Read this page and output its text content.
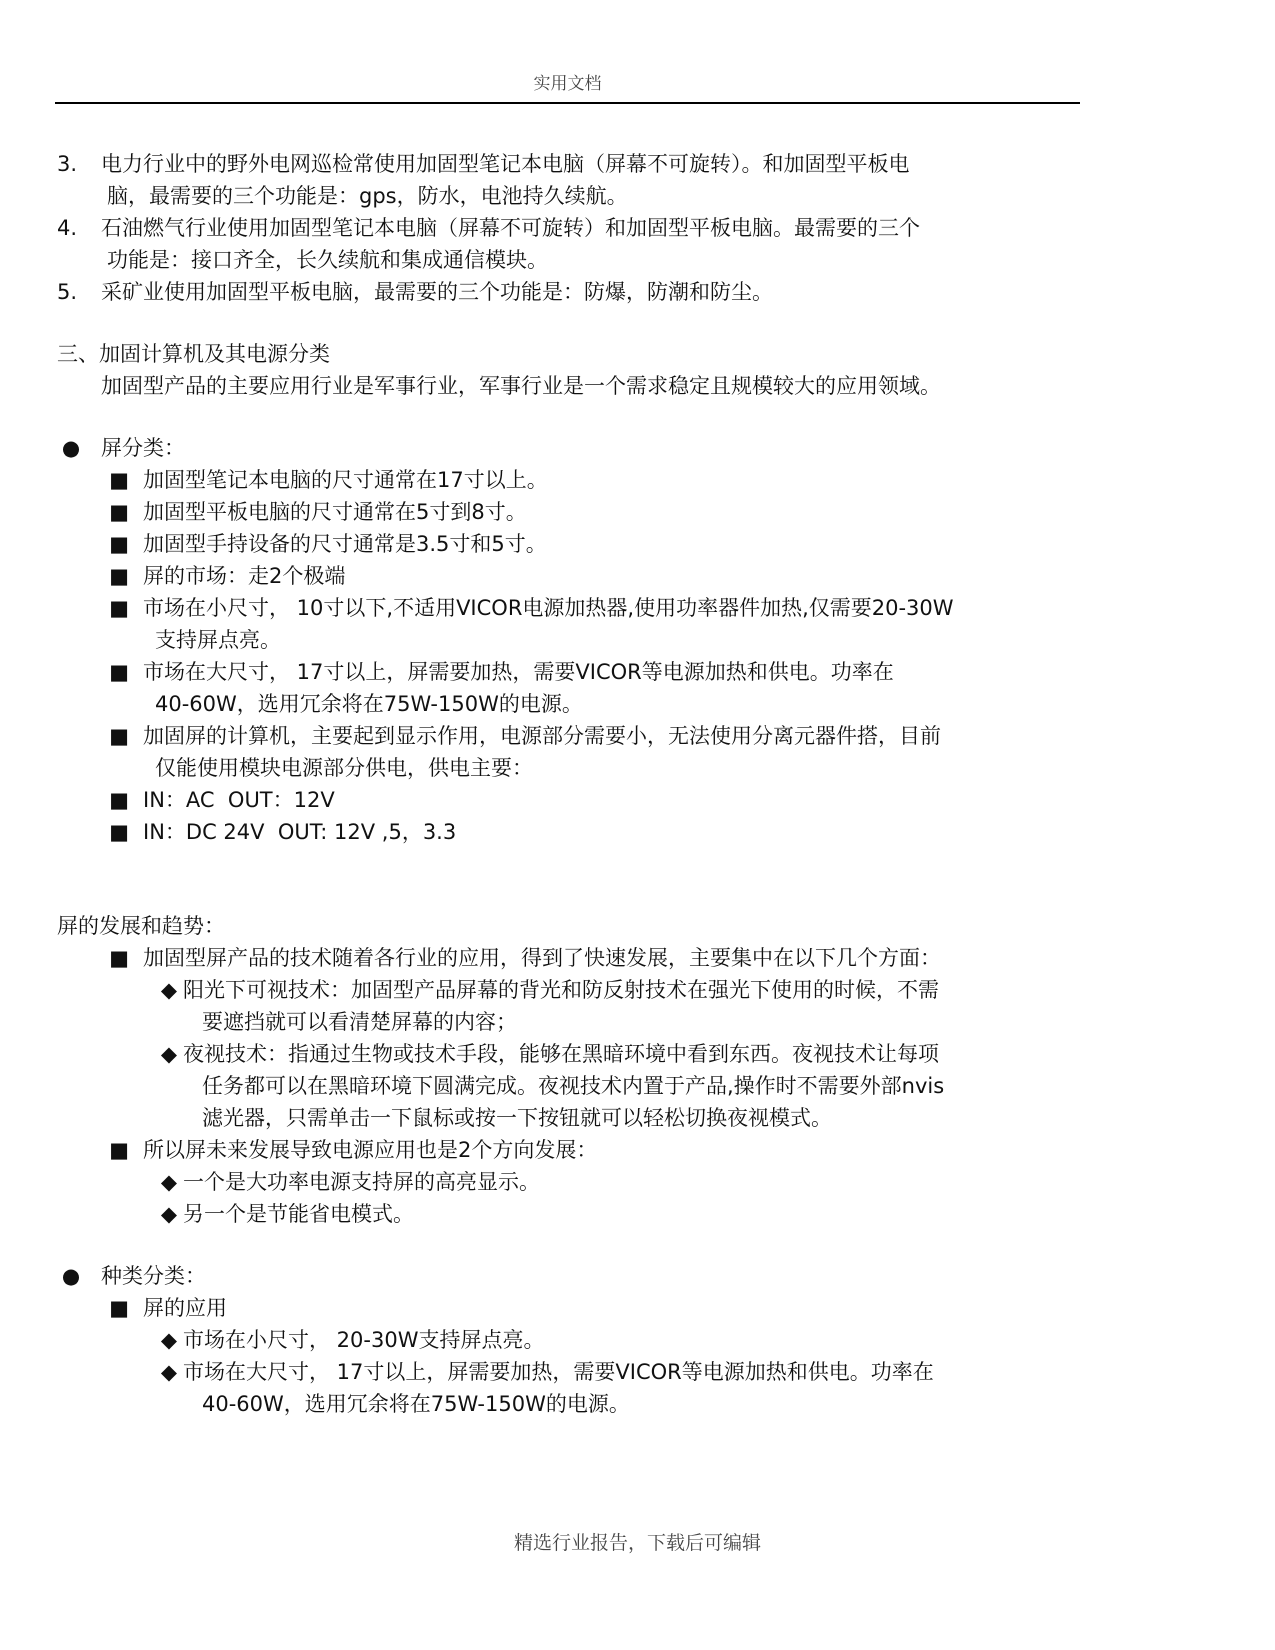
实用文档
3.	电力行业中的野外电网巡检常使用加固型笔记本电脑（屏幕不可旋转）。和加固型平板电
脑，最需要的三个功能是：gps，防水，电池持久续航。
4.	石油燃气行业使用加固型笔记本电脑（屏幕不可旋转）和加固型平板电脑。最需要的三个
功能是：接口齐全，长久续航和集成通信模块。
5.	采矿业使用加固型平板电脑，最需要的三个功能是：防爆，防潮和防尘。
三、加固计算机及其电源分类
加固型产品的主要应用行业是军事行业，军事行业是一个需求稳定且规模较大的应用领域。
● 屏分类：
■ 加固型笔记本电脑的尺寸通常在17寸以上。
■ 加固型平板电脑的尺寸通常在5寸到8寸。
■ 加固型手持设备的尺寸通常是3.5寸和5寸。
■ 屏的市场：走2个极端
■ 市场在小尺寸， 10寸以下,不适用VICOR电源加热器,使用功率器件加热,仅需要20-30W
支持屏点亮。
■ 市场在大尺寸， 17寸以上，屏需要加热，需要VICOR等电源加热和供电。功率在
40-60W，选用冗余将在75W-150W的电源。
■ 加固屏的计算机，主要起到显示作用，电源部分需要小，无法使用分离元器件搭，目前
仅能使用模块电源部分供电，供电主要：
■ IN：AC  OUT：12V
■ IN：DC 24V  OUT: 12V ,5，3.3
屏的发展和趋势：
■ 加固型屏产品的技术随着各行业的应用，得到了快速发展，主要集中在以下几个方面：
◆ 阳光下可视技术：加固型产品屏幕的背光和防反射技术在强光下使用的时候，不需
要遮挡就可以看清楚屏幕的内容；
◆ 夜视技术：指通过生物或技术手段，能够在黑暗环境中看到东西。夜视技术让每项
任务都可以在黑暗环境下圆满完成。夜视技术内置于产品,操作时不需要外部nvis
滤光器，只需单击一下鼠标或按一下按钮就可以轻松切换夜视模式。
■ 所以屏未来发展导致电源应用也是2个方向发展：
◆ 一个是大功率电源支持屏的高亮显示。
◆ 另一个是节能省电模式。
● 种类分类：
■ 屏的应用
◆ 市场在小尺寸， 20-30W支持屏点亮。
◆ 市场在大尺寸， 17寸以上，屏需要加热，需要VICOR等电源加热和供电。功率在
40-60W，选用冗余将在75W-150W的电源。
精选行业报告，下载后可编辑
